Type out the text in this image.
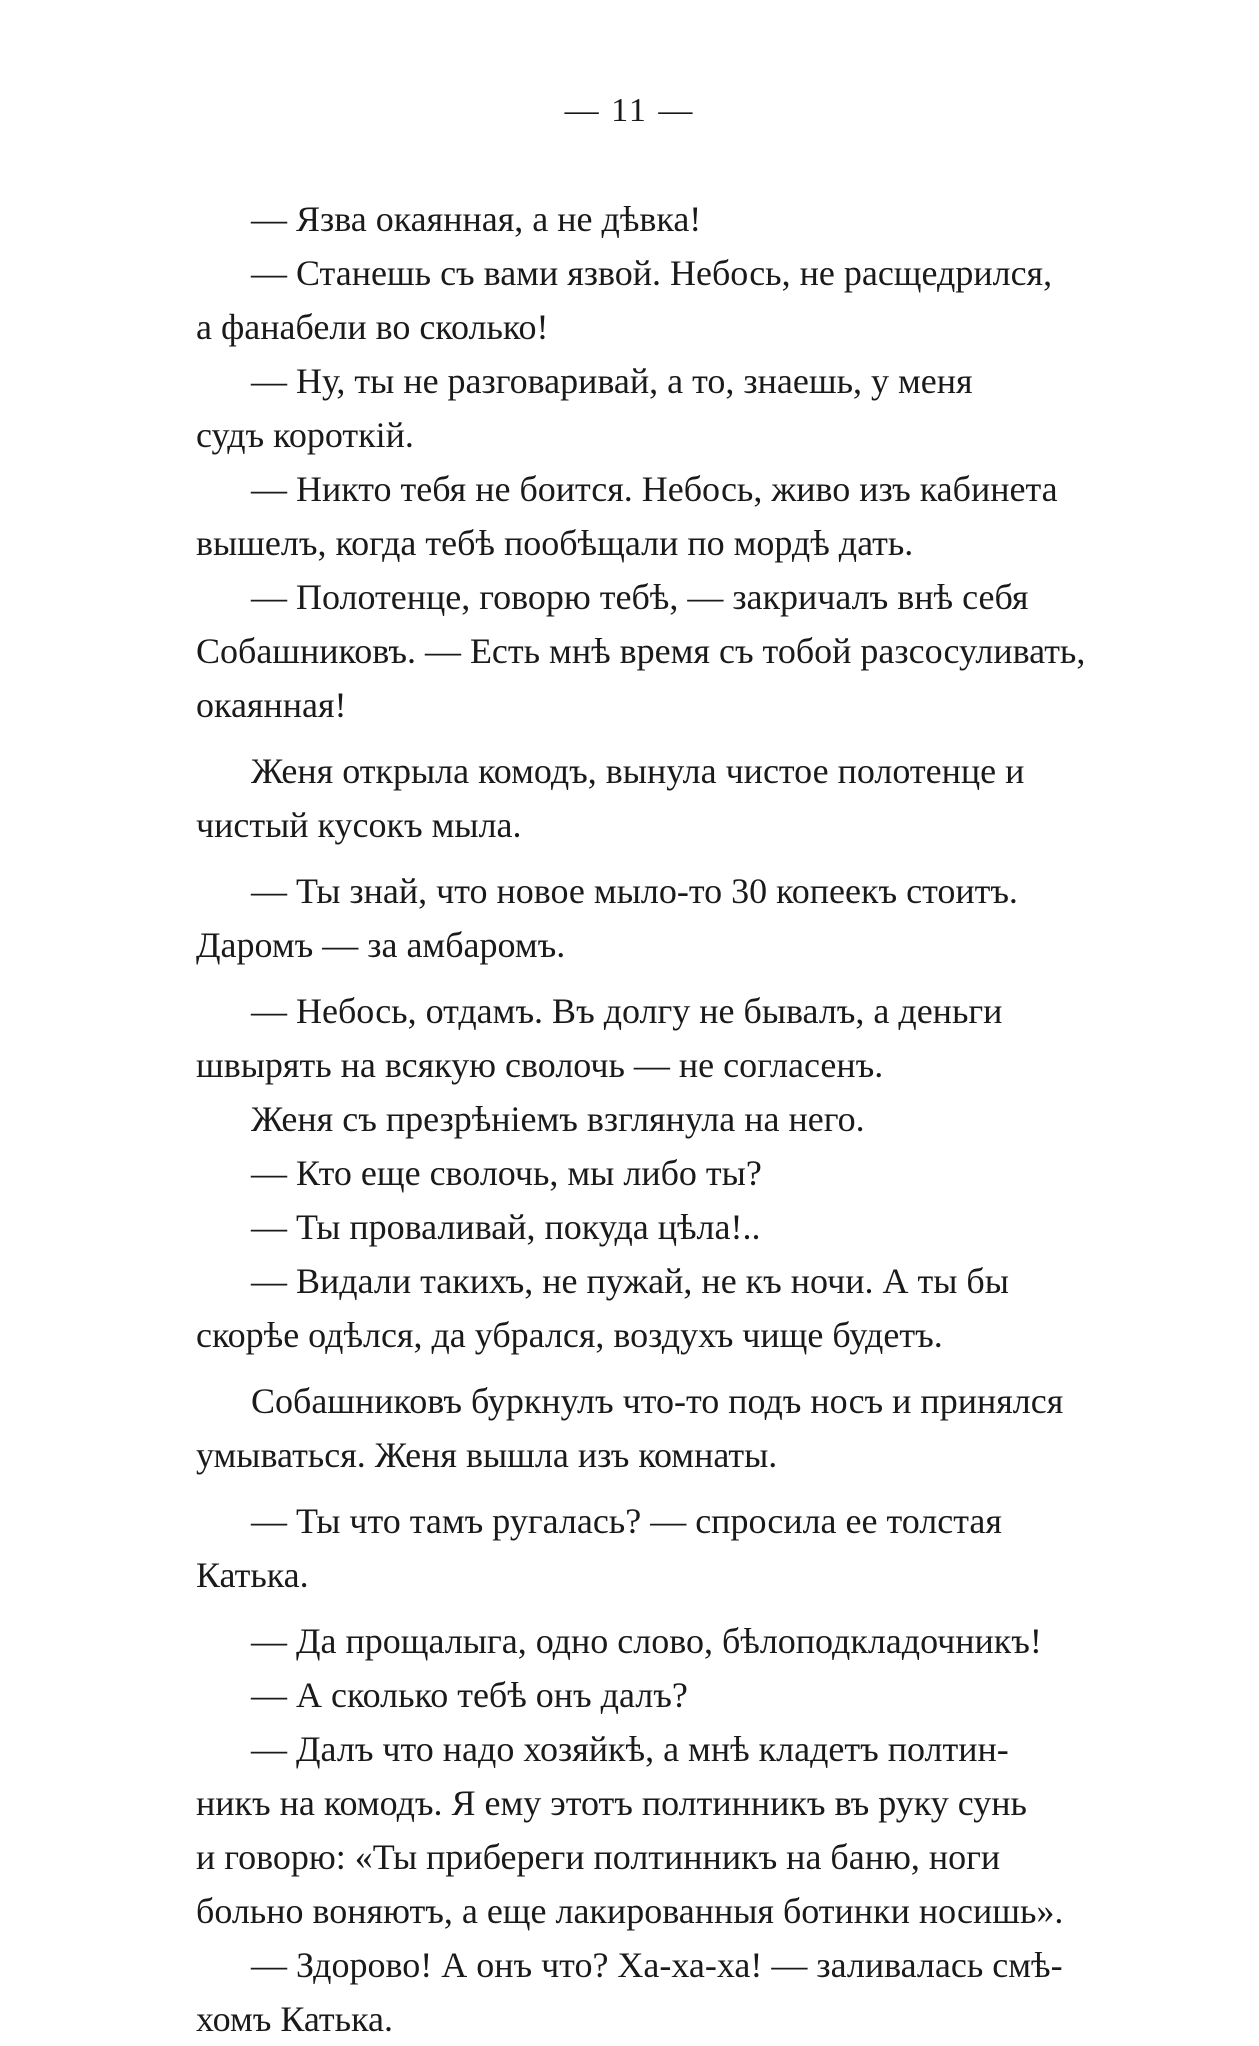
— 11 —
— Язва окаянная, а не дѣвка!
— Станешь съ вами язвой. Небось, не расщедрился,
а фанабели во сколько!
— Ну, ты не разговаривай, а то, знаешь, у меня
судъ короткій.
— Никто тебя не боится. Небось, живо изъ кабинета
вышелъ, когда тебѣ пообѣщали по мордѣ дать.
— Полотенце, говорю тебѣ, — закричалъ внѣ себя
Собашниковъ. — Есть мнѣ время съ тобой разсосуливать,
окаянная!
Женя открыла комодъ, вынула чистое полотенце и
чистый кусокъ мыла.
— Ты знай, что новое мыло-то 30 копеекъ стоитъ.
Даромъ — за амбаромъ.
— Небось, отдамъ. Въ долгу не бывалъ, а деньги
швырять на всякую сволочь — не согласенъ.
Женя съ презрѣніемъ взглянула на него.
— Кто еще сволочь, мы либо ты?
— Ты проваливай, покуда цѣла!..
— Видали такихъ, не пужай, не къ ночи. А ты бы
скорѣе одѣлся, да убрался, воздухъ чище будетъ.
Собашниковъ буркнулъ что-то подъ носъ и принялся
умываться. Женя вышла изъ комнаты.
— Ты что тамъ ругалась? — спросила ее толстая
Катька.
— Да прощалыга, одно слово, бѣлоподкладочникъ!
— А сколько тебѣ онъ далъ?
— Далъ что надо хозяйкѣ, а мнѣ кладетъ полтин-
никъ на комодъ. Я ему этотъ полтинникъ въ руку сунь
и говорю: «Ты прибереги полтинникъ на баню, ноги
больно воняютъ, а еще лакированныя ботинки носишь».
— Здорово! А онъ что? Ха-ха-ха! — заливалась смѣ-
хомъ Катька.
